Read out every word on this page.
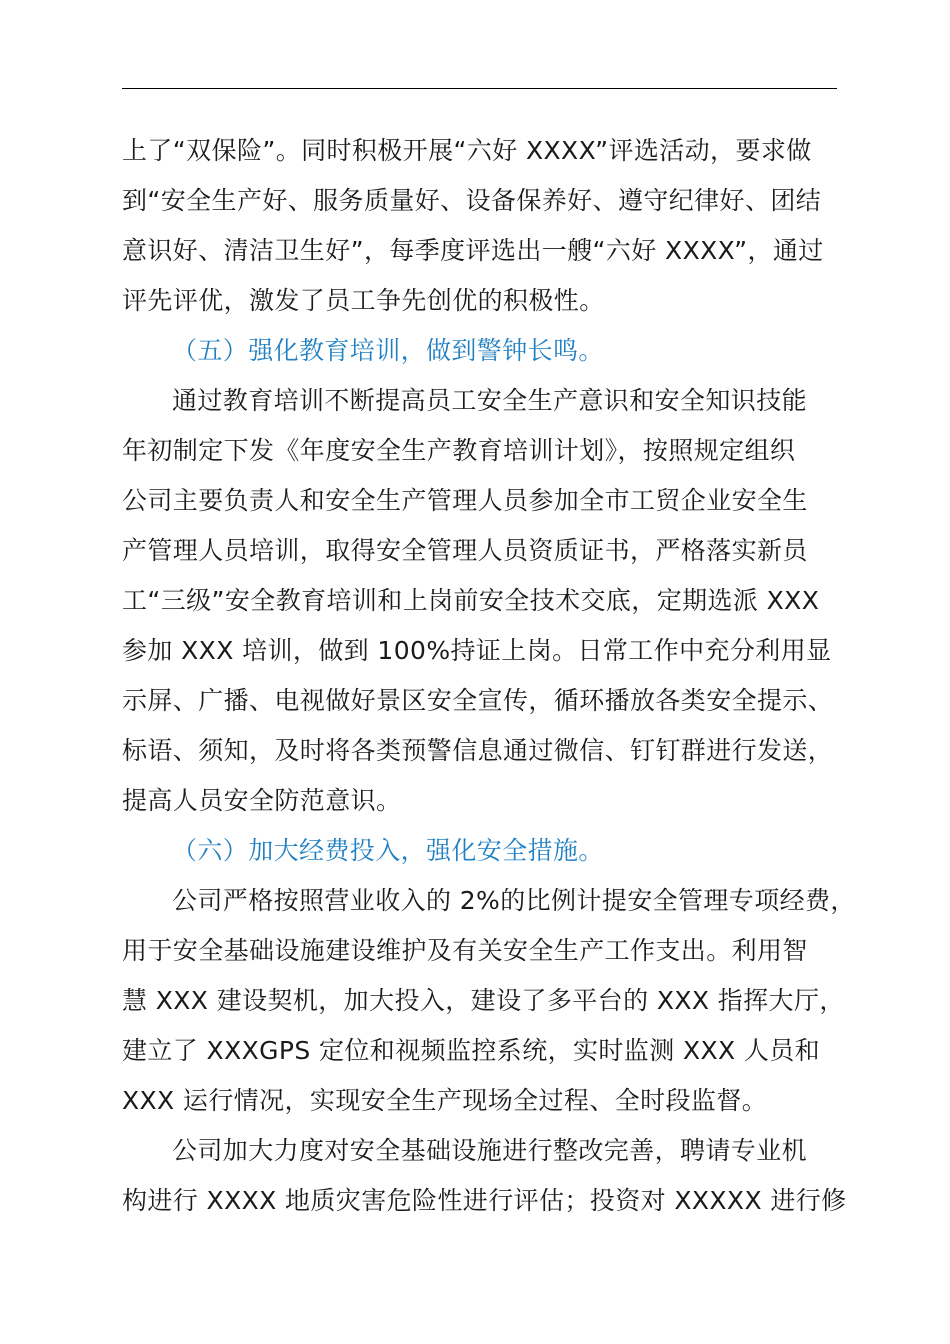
上了“双保险”。同时积极开展“六好 XXXX”评选活动，要求做
到“安全生产好、服务质量好、设备保养好、遵守纪律好、团结
意识好、清洁卫生好”，每季度评选出一艘“六好 XXXX”，通过
评先评优，激发了员工争先创优的积极性。
（五）强化教育培训，做到警钟长鸣。
通过教育培训不断提高员工安全生产意识和安全知识技能
年初制定下发《年度安全生产教育培训计划》，按照规定组织
公司主要负责人和安全生产管理人员参加全市工贸企业安全生
产管理人员培训，取得安全管理人员资质证书，严格落实新员
工“三级”安全教育培训和上岗前安全技术交底，定期选派 XXX
参加 XXX 培训，做到 100%持证上岗。日常工作中充分利用显
示屏、广播、电视做好景区安全宣传，循环播放各类安全提示、
标语、须知，及时将各类预警信息通过微信、钉钉群进行发送，
提高人员安全防范意识。
（六）加大经费投入，强化安全措施。
公司严格按照营业收入的 2%的比例计提安全管理专项经费，
用于安全基础设施建设维护及有关安全生产工作支出。利用智
慧 XXX 建设契机，加大投入，建设了多平台的 XXX 指挥大厅，
建立了 XXXGPS 定位和视频监控系统，实时监测 XXX 人员和
XXX 运行情况，实现安全生产现场全过程、全时段监督。
公司加大力度对安全基础设施进行整改完善，聘请专业机
构进行 XXXX 地质灾害危险性进行评估；投资对 XXXXX 进行修
